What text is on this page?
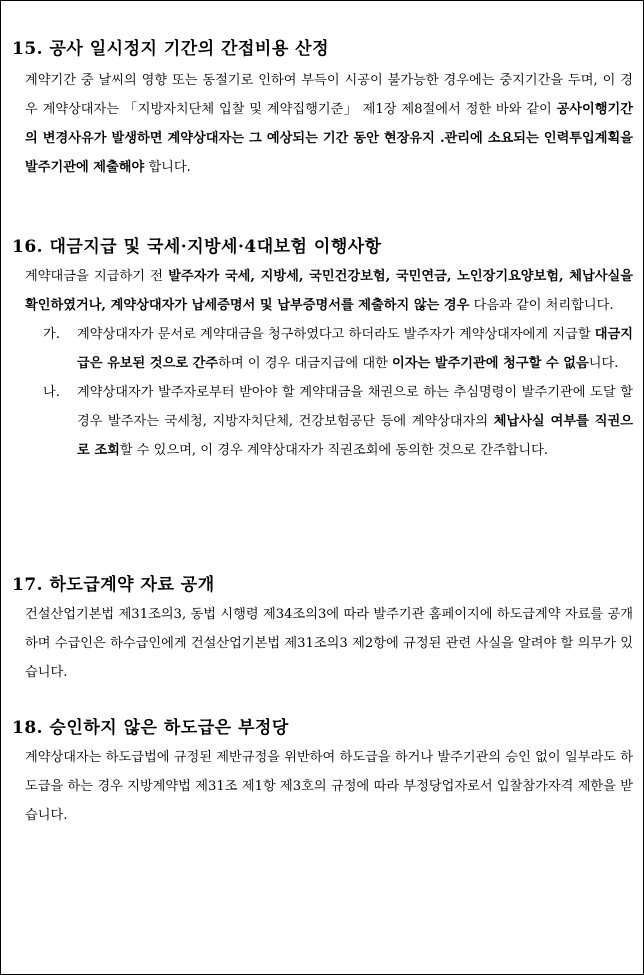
15. 공사 일시정지 기간의 간접비용 산정

계약기간 중 날씨의 영향 또는 동절기로 인하여 부득이 시공이 불가능한 경우에는 중지기간을 두며, 이 경우 계약상대자는 「지방자치단체 입찰 및 계약집행기준」 제1장 제8절에서 정한 바와 같이 공사이행기간의 변경사유가 발생하면 계약상대자는 그 예상되는 기간 동안 현장유지 .관리에 소요되는 인력투입계획을 발주기관에 제출해야 합니다.

16. 대금지급 및 국세·지방세·4대보험 이행사항

계약대금을 지급하기 전 발주자가 국세, 지방세, 국민건강보험, 국민연금, 노인장기요양보험, 체납사실을 확인하였거나, 계약상대자가 납세증명서 및 납부증명서를 제출하지 않는 경우 다음과 같이 처리합니다.

가. 계약상대자가 문서로 계약대금을 청구하였다고 하더라도 발주자가 계약상대자에게 지급할 대금지급은 유보된 것으로 간주하며 이 경우 대금지급에 대한 이자는 발주기관에 청구할 수 없음니다.
나. 계약상대자가 발주자로부터 받아야 할 계약대금을 채권으로 하는 추심명령이 발주기관에 도달 할 경우 발주자는 국세청, 지방자치단체, 건강보험공단 등에 계약상대자의 체납사실 여부를 직권으로 조회할 수 있으며, 이 경우 계약상대자가 직권조회에 동의한 것으로 간주합니다.
17. 하도급계약 자료 공개

건설산업기본법 제31조의3, 동법 시행령 제34조의3에 따라 발주기관 홈페이지에 하도급계약 자료를 공개하며 수급인은 하수급인에게 건설산업기본법 제31조의3 제2항에 규정된 관련 사실을 알려야 할 의무가 있습니다.

18. 승인하지 않은 하도급은 부정당

계약상대자는 하도급법에 규정된 제반규정을 위반하여 하도급을 하거나 발주기관의 승인 없이 일부라도 하도급을 하는 경우 지방계약법 제31조 제1항 제3호의 규정에 따라 부정당업자로서 입찰참가자격 제한을 받습니다.
